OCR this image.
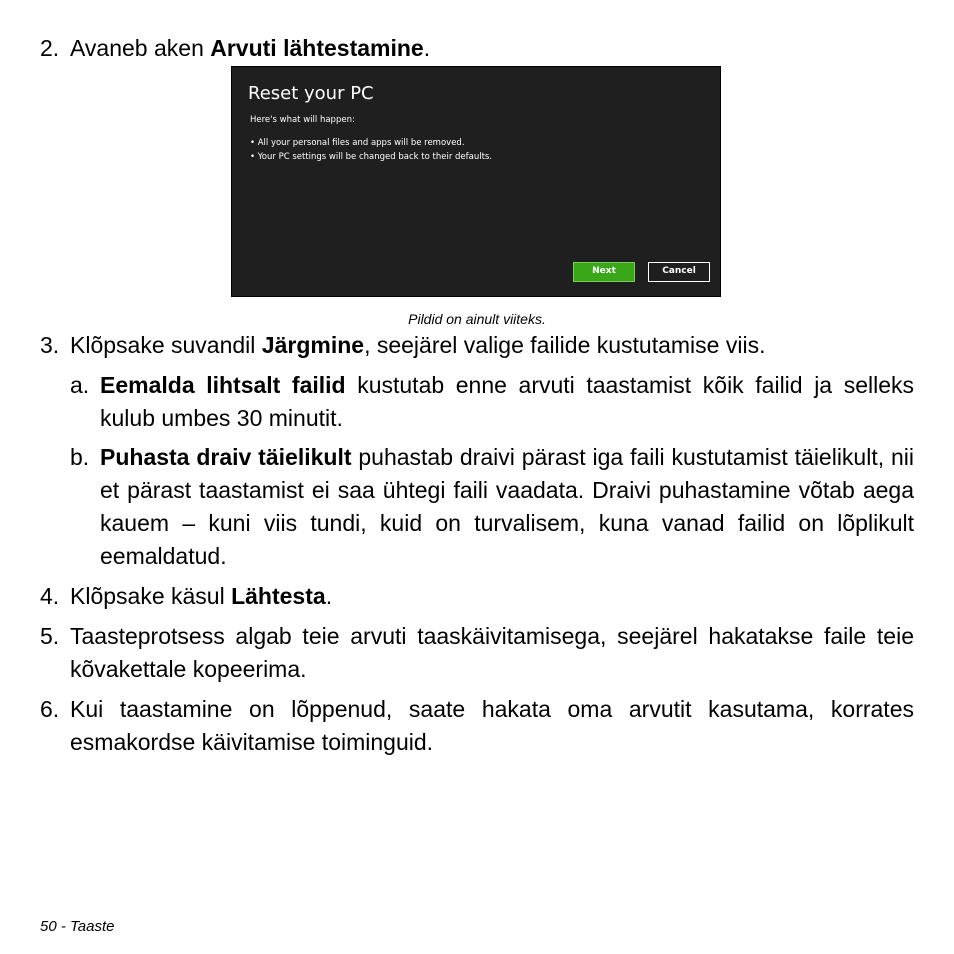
2. Avaneb aken Arvuti lähtestamine.

Reset your PC
Here's what will happen:
• All your personal files and apps will be removed.
• Your PC settings will be changed back to their defaults.
Next	Cancel
Pildid on ainult viiteks.
3. Klõpsake suvandil Järgmine, seejärel valige failide kustutamise viis.

a. Eemalda lihtsalt failid kustutab enne arvuti taastamist kõik failid ja selleks kulub umbes 30 minutit.

b. Puhasta draiv täielikult puhastab draivi pärast iga faili kustutamist täielikult, nii et pärast taastamist ei saa ühtegi faili vaadata. Draivi puhastamine võtab aega kauem – kuni viis tundi, kuid on turvalisem, kuna vanad failid on lõplikult eemaldatud.

4. Klõpsake käsul Lähtesta.

5. Taasteprotsess algab teie arvuti taaskäivitamisega, seejärel hakatakse faile teie kõvakettale kopeerima.

6. Kui taastamine on lõppenud, saate hakata oma arvutit kasutama, korrates esmakordse käivitamise toiminguid.

50 - Taaste
